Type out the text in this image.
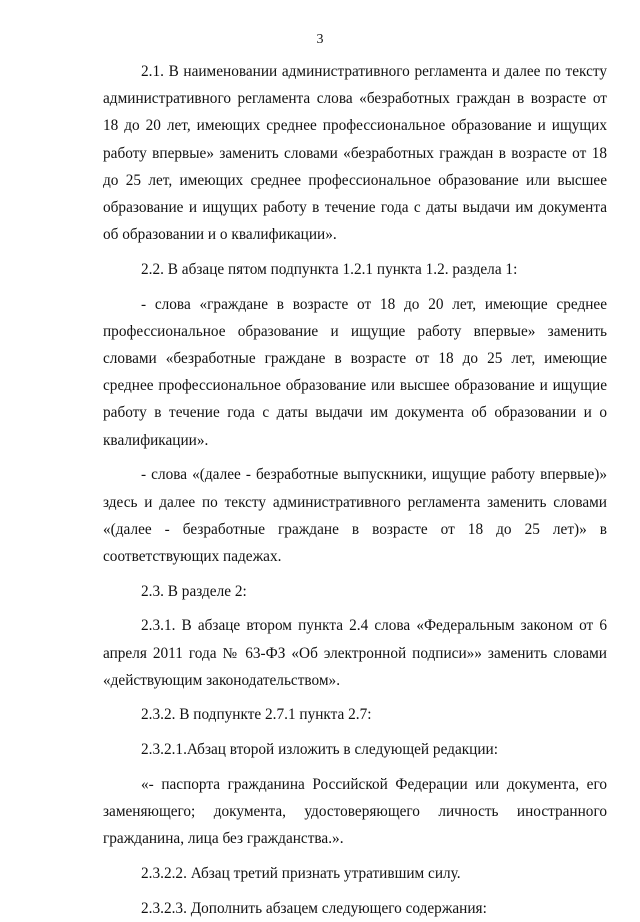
3

2.1. В наименовании административного регламента и далее по тексту административного регламента слова «безработных граждан в возрасте от 18 до 20 лет, имеющих среднее профессиональное образование и ищущих работу впервые» заменить словами «безработных граждан в возрасте от 18 до 25 лет, имеющих среднее профессиональное образование или высшее образование и ищущих работу в течение года с даты выдачи им документа об образовании и о квалификации».

2.2. В абзаце пятом подпункта 1.2.1 пункта 1.2. раздела 1:

- слова «граждане в возрасте от 18 до 20 лет, имеющие среднее профессиональное образование и ищущие работу впервые» заменить словами «безработные граждане в возрасте от 18 до 25 лет, имеющие среднее профессиональное образование или высшее образование и ищущие работу в течение года с даты выдачи им документа об образовании и о квалификации».

- слова «(далее - безработные выпускники, ищущие работу впервые)» здесь и далее по тексту административного регламента заменить словами «(далее - безработные граждане в возрасте от 18 до 25 лет)» в соответствующих падежах.

2.3. В разделе 2:

2.3.1. В абзаце втором пункта 2.4 слова «Федеральным законом от 6 апреля 2011 года № 63-ФЗ «Об электронной подписи»» заменить словами «действующим законодательством».

2.3.2. В подпункте 2.7.1 пункта 2.7:

2.3.2.1.Абзац второй изложить в следующей редакции:

«- паспорта гражданина Российской Федерации или документа, его заменяющего; документа, удостоверяющего личность иностранного гражданина, лица без гражданства.».

2.3.2.2. Абзац третий признать утратившим силу.

2.3.2.3. Дополнить абзацем следующего содержания:
